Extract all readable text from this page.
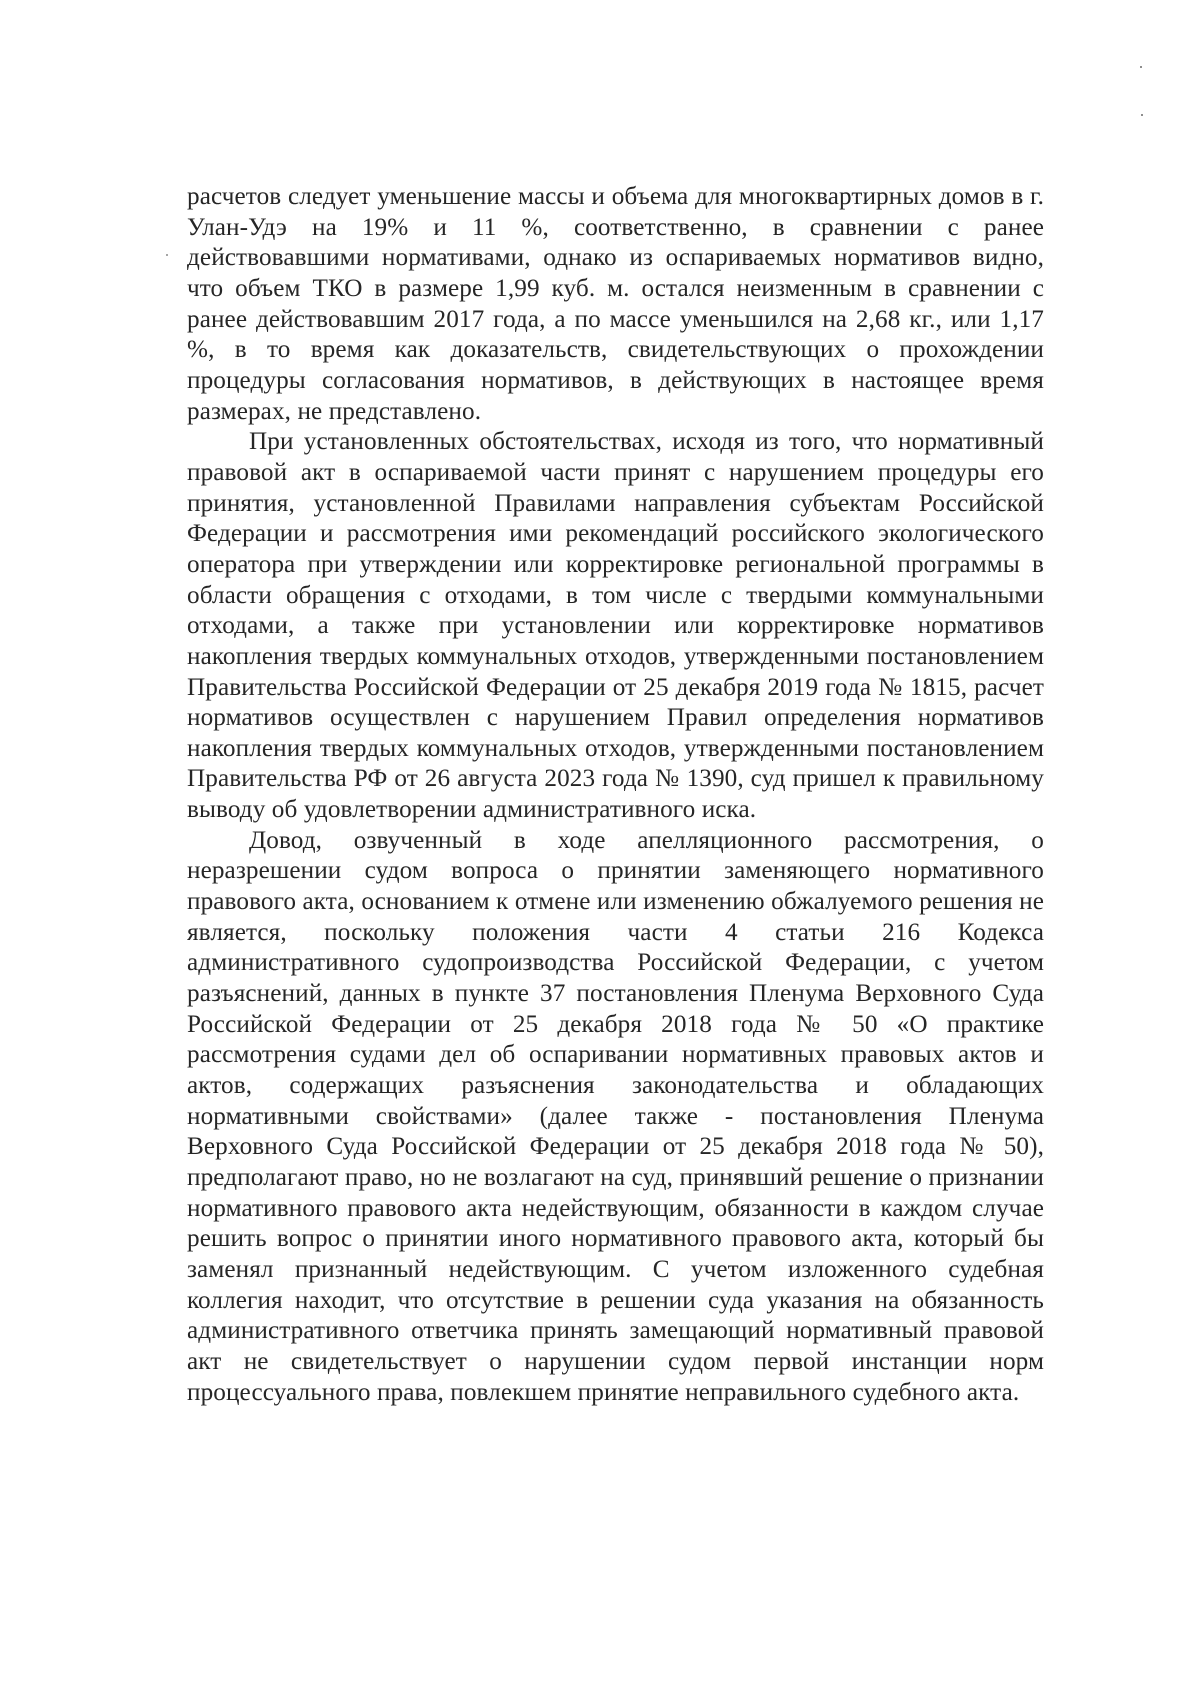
расчетов следует уменьшение массы и объема для многоквартирных домов в г. Улан-Удэ на 19% и 11 %, соответственно, в сравнении с ранее действовавшими нормативами, однако из оспариваемых нормативов видно, что объем ТКО в размере 1,99 куб. м. остался неизменным в сравнении с ранее действовавшим 2017 года, а по массе уменьшился на 2,68 кг., или 1,17 %, в то время как доказательств, свидетельствующих о прохождении процедуры согласования нормативов, в действующих в настоящее время размерах, не представлено.

При установленных обстоятельствах, исходя из того, что нормативный правовой акт в оспариваемой части принят с нарушением процедуры его принятия, установленной Правилами направления субъектам Российской Федерации и рассмотрения ими рекомендаций российского экологического оператора при утверждении или корректировке региональной программы в области обращения с отходами, в том числе с твердыми коммунальными отходами, а также при установлении или корректировке нормативов накопления твердых коммунальных отходов, утвержденными постановлением Правительства Российской Федерации от 25 декабря 2019 года № 1815, расчет нормативов осуществлен с нарушением Правил определения нормативов накопления твердых коммунальных отходов, утвержденными постановлением Правительства РФ от 26 августа 2023 года № 1390, суд пришел к правильному выводу об удовлетворении административного иска.

Довод, озвученный в ходе апелляционного рассмотрения, о неразрешении судом вопроса о принятии заменяющего нормативного правового акта, основанием к отмене или изменению обжалуемого решения не является, поскольку положения части 4 статьи 216 Кодекса административного судопроизводства Российской Федерации, с учетом разъяснений, данных в пункте 37 постановления Пленума Верховного Суда Российской Федерации от 25 декабря 2018 года № 50 «О практике рассмотрения судами дел об оспаривании нормативных правовых актов и актов, содержащих разъяснения законодательства и обладающих нормативными свойствами» (далее также - постановления Пленума Верховного Суда Российской Федерации от 25 декабря 2018 года № 50), предполагают право, но не возлагают на суд, принявший решение о признании нормативного правового акта недействующим, обязанности в каждом случае решить вопрос о принятии иного нормативного правового акта, который бы заменял признанный недействующим. С учетом изложенного судебная коллегия находит, что отсутствие в решении суда указания на обязанность административного ответчика принять замещающий нормативный правовой акт не свидетельствует о нарушении судом первой инстанции норм процессуального права, повлекшем принятие неправильного судебного акта.
